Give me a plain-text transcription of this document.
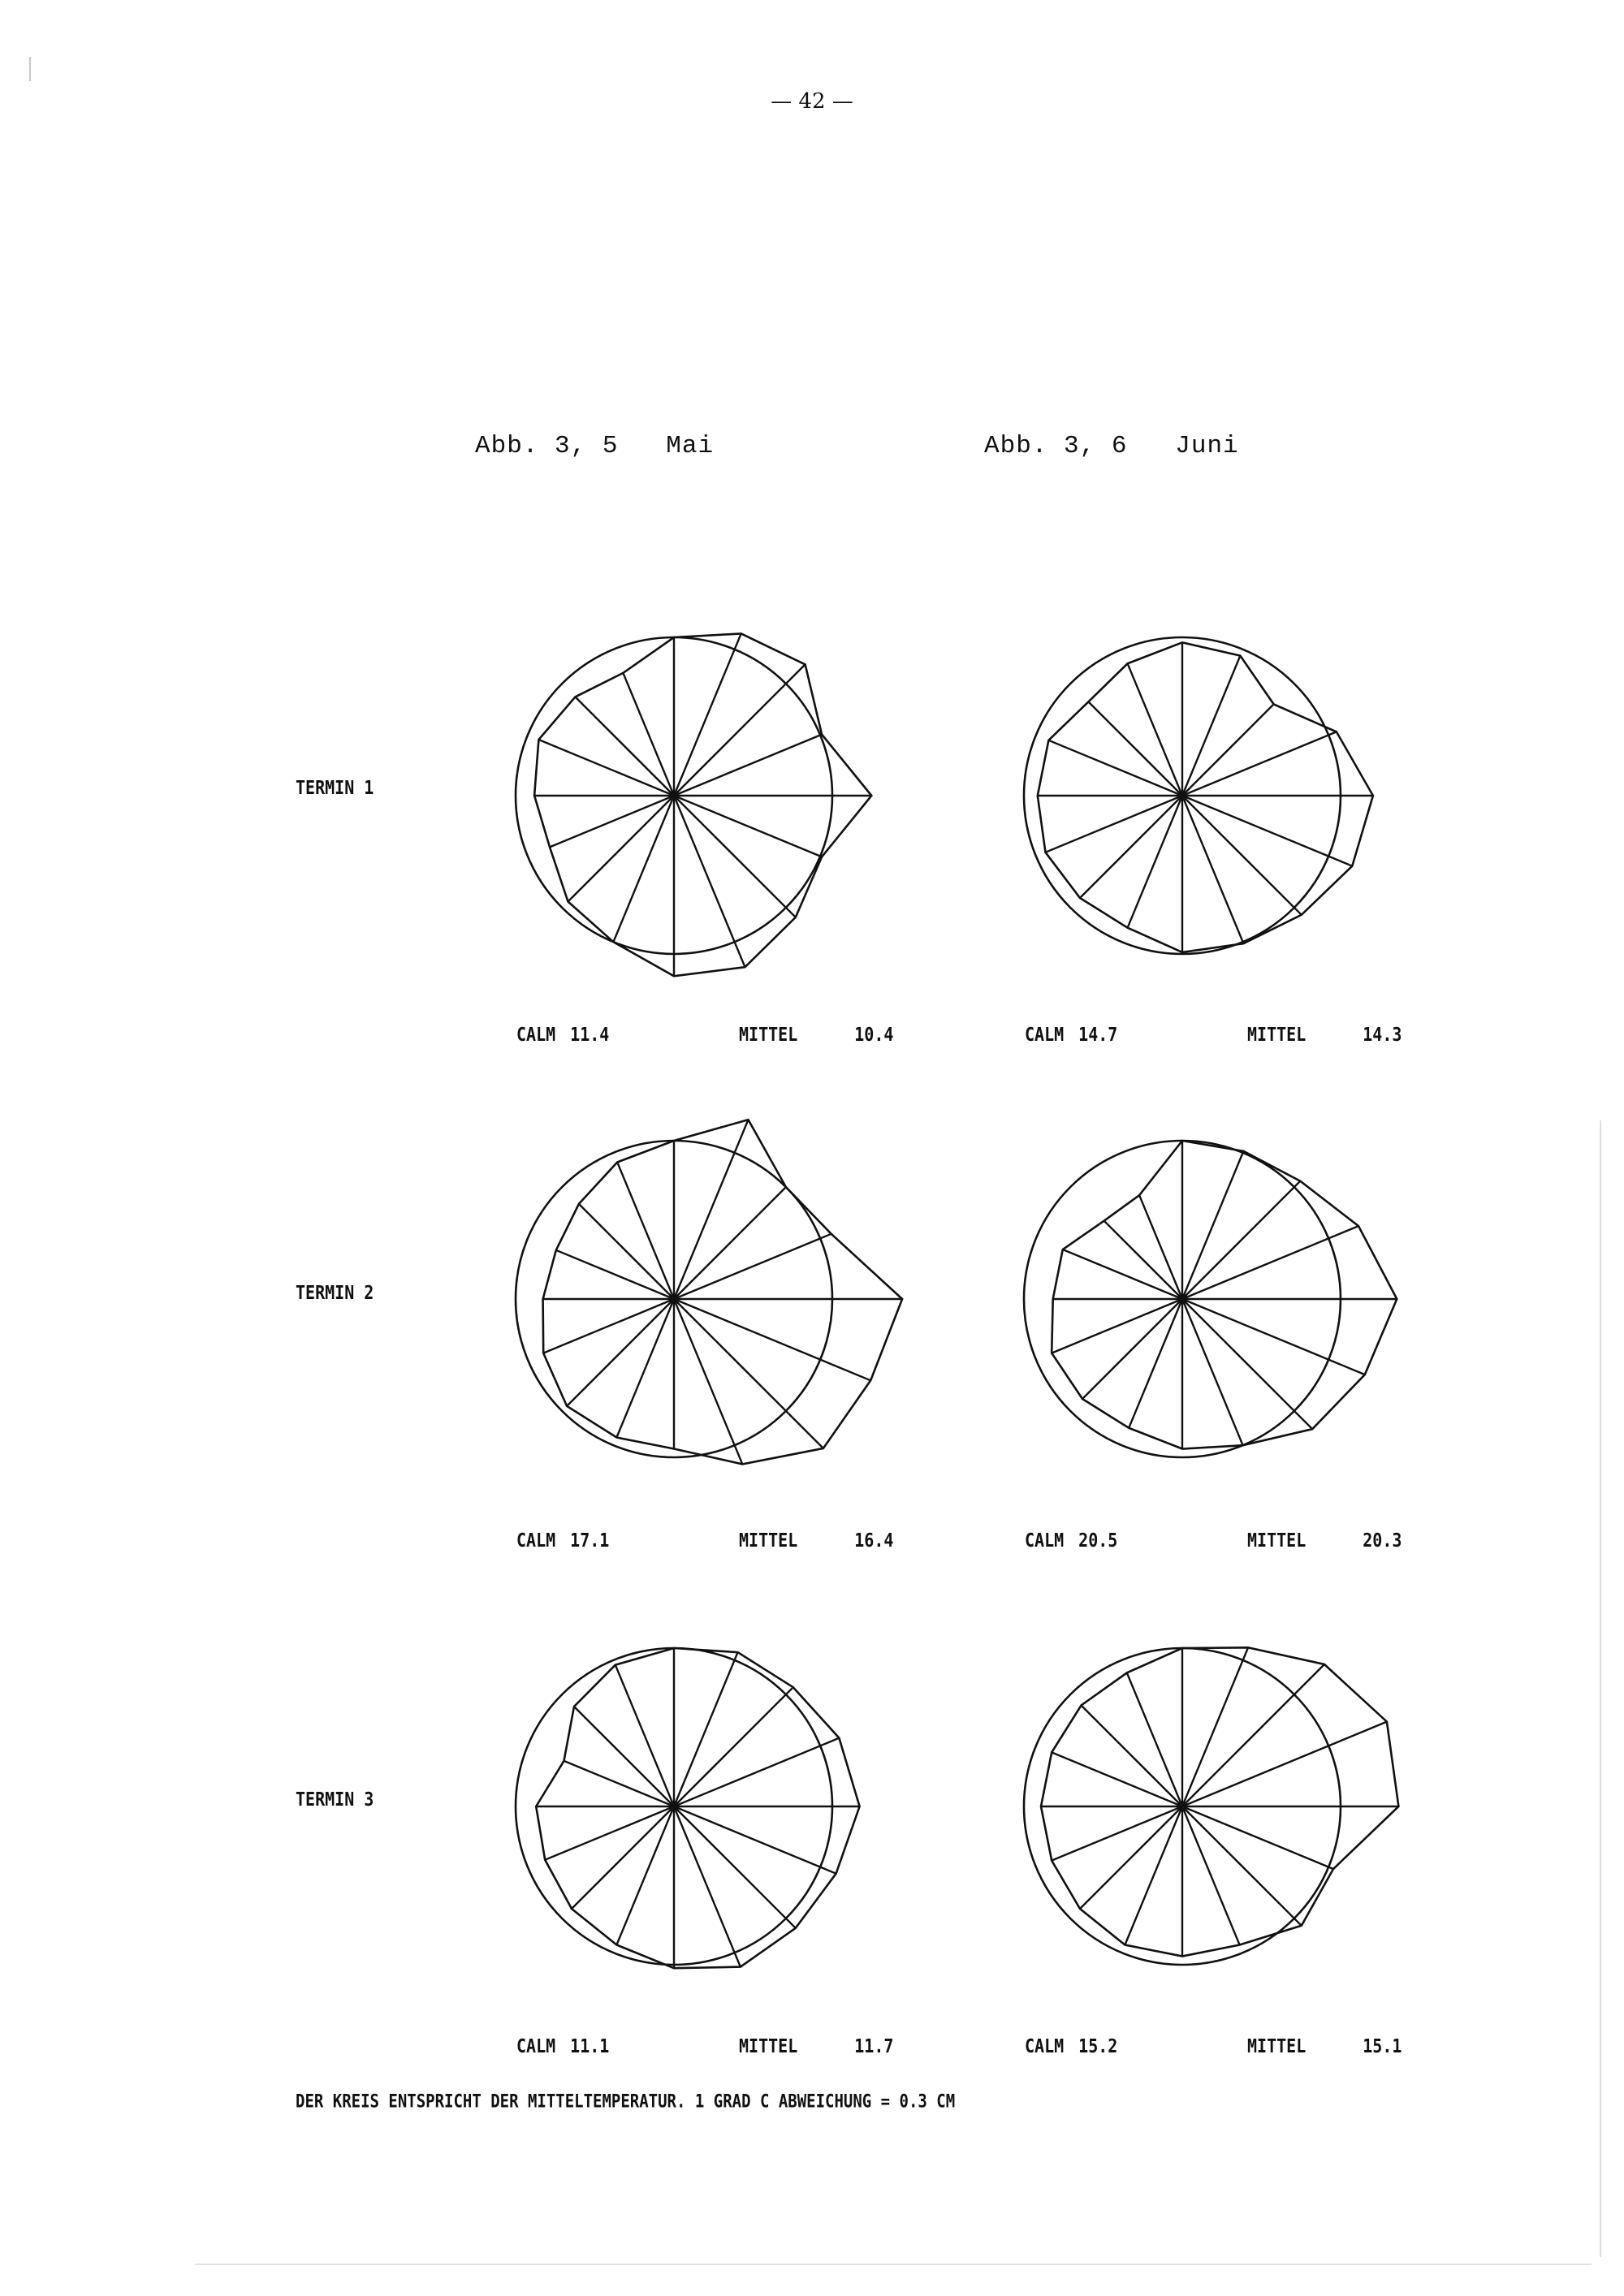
— 42 —
Abb. 3, 5   Mai	Abb. 3, 6   Juni
TERMIN 1
TERMIN 2
TERMIN 3
CALM 11.4	MITTEL	10.4	CALM 14.7	MITTEL	14.3
CALM 17.1	MITTEL	16.4	CALM 20.5	MITTEL	20.3
CALM 11.1	MITTEL	11.7	CALM 15.2	MITTEL	15.1
DER KREIS ENTSPRICHT DER MITTELTEMPERATUR. 1 GRAD C ABWEICHUNG = 0.3 CM
